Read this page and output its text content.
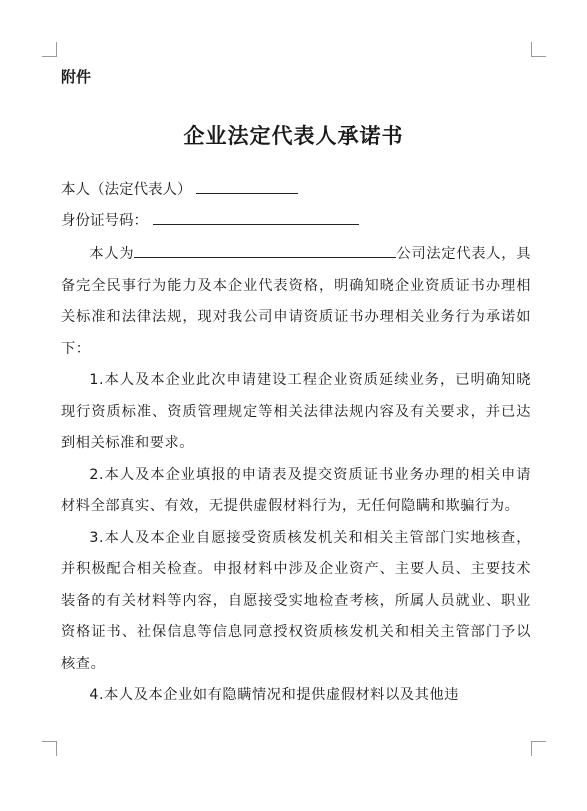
附件
企业法定代表人承诺书
本人（法定代表人）
身份证号码：

本人为	公司法定代表人，具备完全民事行为能力及本企业代表资格，明确知晓企业资质证书办理相关标准和法律法规，现对我公司申请资质证书办理相关业务行为承诺如下：

1.本人及本企业此次申请建设工程企业资质延续业务，已明确知晓现行资质标准、资质管理规定等相关法律法规内容及有关要求，并已达到相关标准和要求。

2.本人及本企业填报的申请表及提交资质证书业务办理的相关申请材料全部真实、有效，无提供虚假材料行为，无任何隐瞒和欺骗行为。

3.本人及本企业自愿接受资质核发机关和相关主管部门实地核查，并积极配合相关检查。申报材料中涉及企业资产、主要人员、主要技术装备的有关材料等内容，自愿接受实地检查考核，所属人员就业、职业资格证书、社保信息等信息同意授权资质核发机关和相关主管部门予以核查。

4.本人及本企业如有隐瞒情况和提供虚假材料以及其他违
